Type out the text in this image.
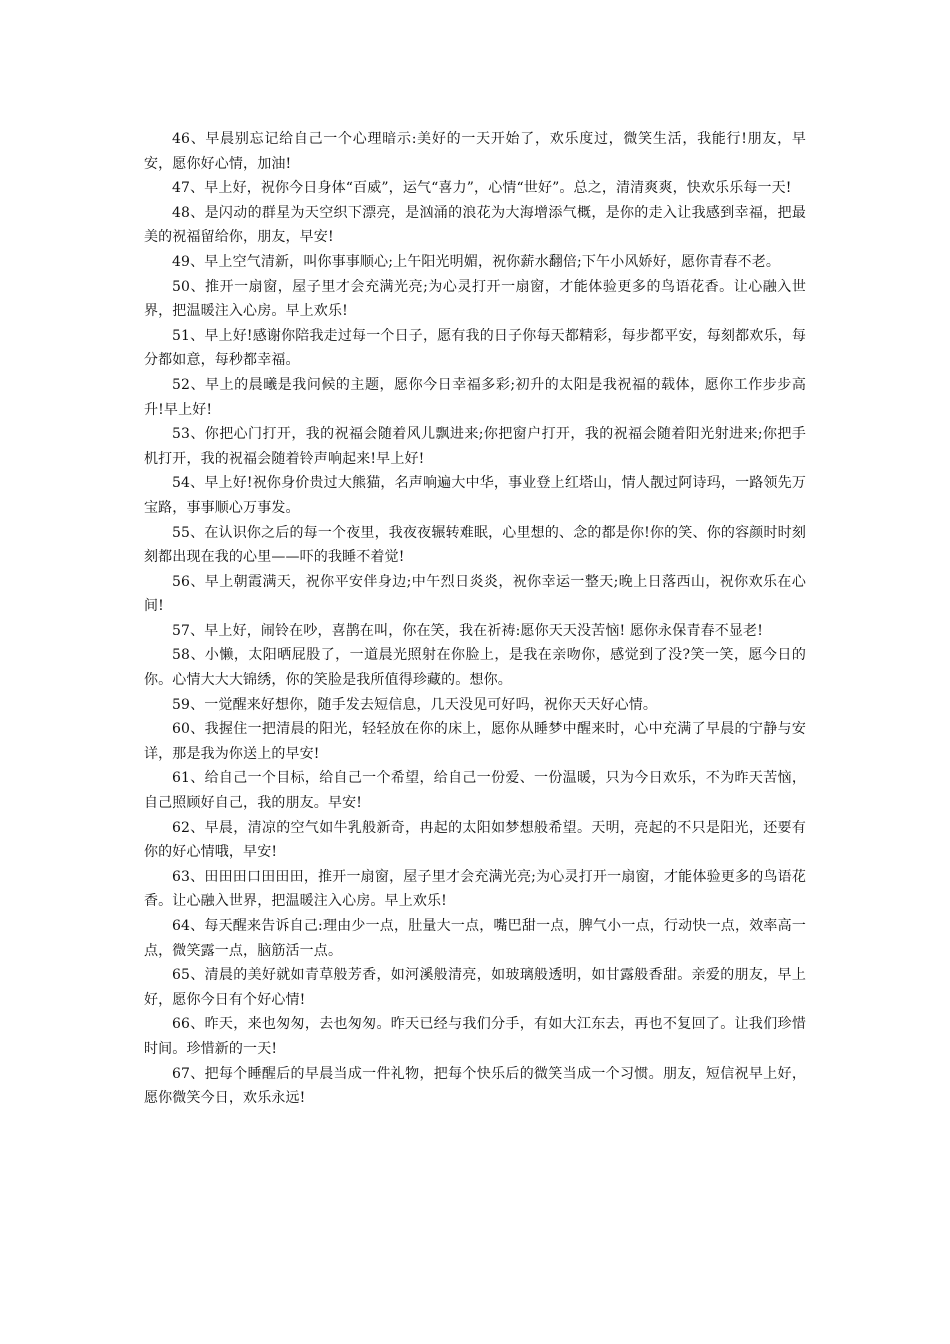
46、早晨别忘记给自己一个心理暗示:美好的一天开始了，欢乐度过，微笑生活，我能行!朋友，早安，愿你好心情，加油!

47、早上好，祝你今日身体“百威”，运气“喜力”，心情“世好”。总之，清清爽爽，快欢乐乐每一天!

48、是闪动的群星为天空织下漂亮，是汹涌的浪花为大海增添气概，是你的走入让我感到幸福，把最美的祝福留给你，朋友，早安!

49、早上空气清新，叫你事事顺心;上午阳光明媚，祝你薪水翻倍;下午小风娇好，愿你青春不老。

50、推开一扇窗，屋子里才会充满光亮;为心灵打开一扇窗，才能体验更多的鸟语花香。让心融入世界，把温暖注入心房。早上欢乐!

51、早上好!感谢你陪我走过每一个日子，愿有我的日子你每天都精彩，每步都平安，每刻都欢乐，每分都如意，每秒都幸福。

52、早上的晨曦是我问候的主题，愿你今日幸福多彩;初升的太阳是我祝福的载体，愿你工作步步高升!早上好!

53、你把心门打开，我的祝福会随着风儿飘进来;你把窗户打开，我的祝福会随着阳光射进来;你把手机打开，我的祝福会随着铃声响起来!早上好!

54、早上好!祝你身价贵过大熊猫，名声响遍大中华，事业登上红塔山，情人靓过阿诗玛，一路领先万宝路，事事顺心万事发。

55、在认识你之后的每一个夜里，我夜夜辗转难眠，心里想的、念的都是你!你的笑、你的容颜时时刻刻都出现在我的心里——吓的我睡不着觉!

56、早上朝霞满天，祝你平安伴身边;中午烈日炎炎，祝你幸运一整天;晚上日落西山，祝你欢乐在心间!

57、早上好，闹铃在吵，喜鹊在叫，你在笑，我在祈祷:愿你天天没苦恼! 愿你永保青春不显老!

58、小懒，太阳晒屁股了，一道晨光照射在你脸上，是我在亲吻你，感觉到了没?笑一笑，愿今日的你。心情大大大锦绣，你的笑脸是我所值得珍藏的。想你。

59、一觉醒来好想你，随手发去短信息，几天没见可好吗，祝你天天好心情。

60、我握住一把清晨的阳光，轻轻放在你的床上，愿你从睡梦中醒来时，心中充满了早晨的宁静与安详，那是我为你送上的早安!

61、给自己一个目标，给自己一个希望，给自己一份爱、一份温暖，只为今日欢乐，不为昨天苦恼，自己照顾好自己，我的朋友。早安!

62、早晨，清凉的空气如牛乳般新奇，冉起的太阳如梦想般希望。天明，亮起的不只是阳光，还要有你的好心情哦，早安!

63、田田田口田田田，推开一扇窗，屋子里才会充满光亮;为心灵打开一扇窗，才能体验更多的鸟语花香。让心融入世界，把温暖注入心房。早上欢乐!

64、每天醒来告诉自己:理由少一点，肚量大一点，嘴巴甜一点，脾气小一点，行动快一点，效率高一点，微笑露一点，脑筋活一点。

65、清晨的美好就如青草般芳香，如河溪般清亮，如玻璃般透明，如甘露般香甜。亲爱的朋友，早上好，愿你今日有个好心情!

66、昨天，来也匆匆，去也匆匆。昨天已经与我们分手，有如大江东去，再也不复回了。让我们珍惜时间。珍惜新的一天!

67、把每个睡醒后的早晨当成一件礼物，把每个快乐后的微笑当成一个习惯。朋友，短信祝早上好，愿你微笑今日，欢乐永远!
